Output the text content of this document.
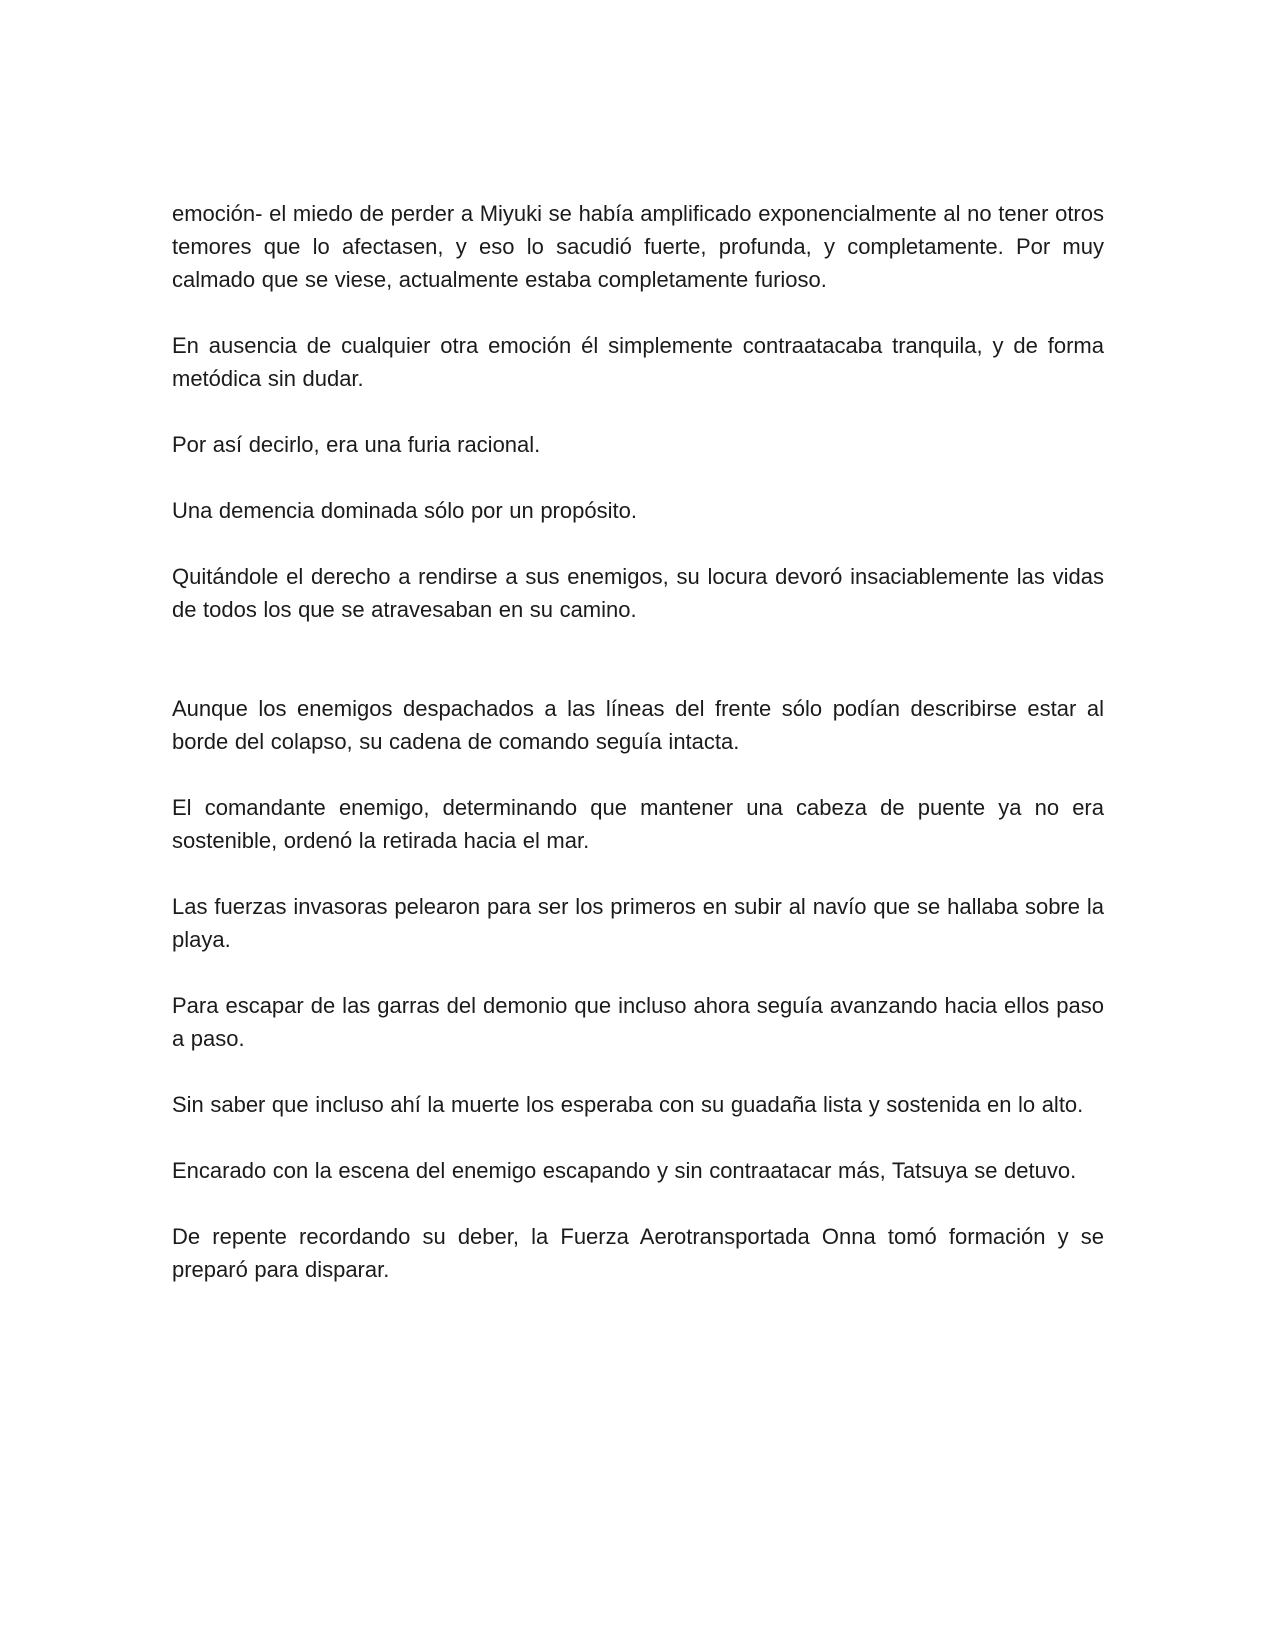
emoción- el miedo de perder a Miyuki se había amplificado exponencialmente al no tener otros temores que lo afectasen, y eso lo sacudió fuerte, profunda, y completamente. Por muy calmado que se viese, actualmente estaba completamente furioso.

En ausencia de cualquier otra emoción él simplemente contraatacaba tranquila, y de forma metódica sin dudar.

Por así decirlo, era una furia racional.

Una demencia dominada sólo por un propósito.

Quitándole el derecho a rendirse a sus enemigos, su locura devoró insaciablemente las vidas de todos los que se atravesaban en su camino.

Aunque los enemigos despachados a las líneas del frente sólo podían describirse estar al borde del colapso, su cadena de comando seguía intacta.

El comandante enemigo, determinando que mantener una cabeza de puente ya no era sostenible, ordenó la retirada hacia el mar.

Las fuerzas invasoras pelearon para ser los primeros en subir al navío que se hallaba sobre la playa.

Para escapar de las garras del demonio que incluso ahora seguía avanzando hacia ellos paso a paso.

Sin saber que incluso ahí la muerte los esperaba con su guadaña lista y sostenida en lo alto.

Encarado con la escena del enemigo escapando y sin contraatacar más, Tatsuya se detuvo.

De repente recordando su deber, la Fuerza Aerotransportada Onna tomó formación y se preparó para disparar.
